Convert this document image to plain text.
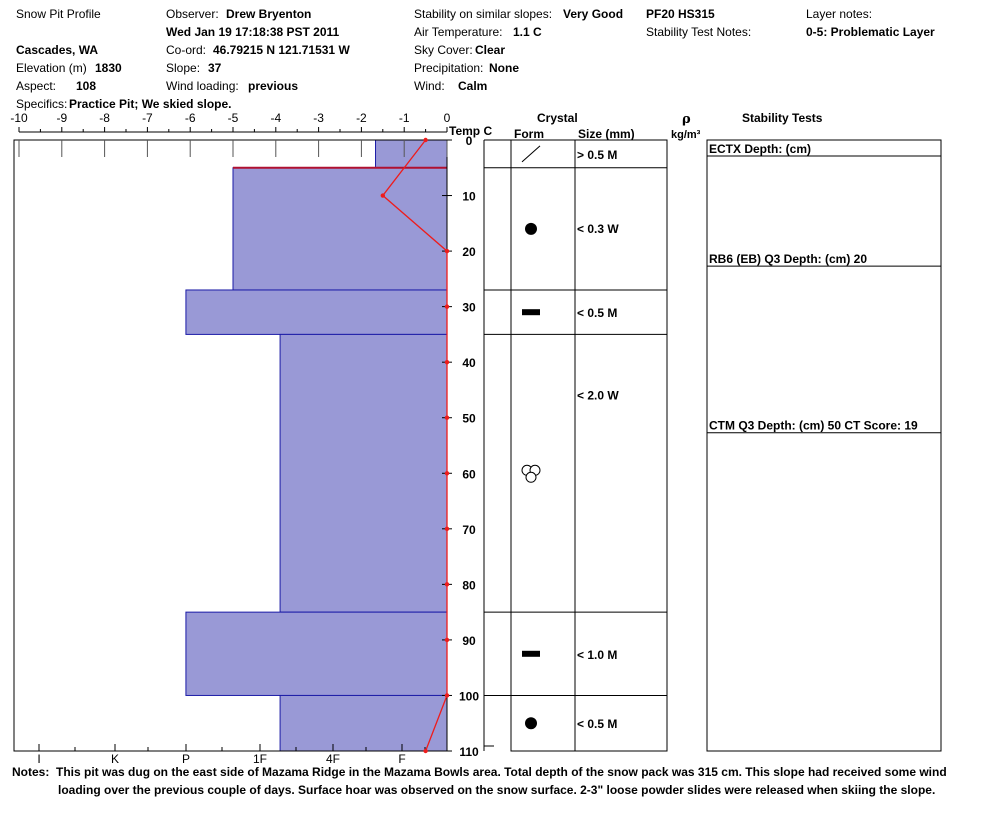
Snow Pit Profile
Cascades, WA
Elevation (m) 1830
Aspect: 108
Specifics: Practice Pit; We skied slope.
Observer: Drew Bryenton
Wed Jan 19 17:18:38 PST 2011
Co-ord: 46.79215 N 121.71531 W
Slope: 37
Wind loading: previous
Stability on similar slopes: Very Good
Air Temperature: 1.1 C
Sky Cover: Clear
Precipitation: None
Wind: Calm
PF20 HS315
Stability Test Notes:
Layer notes:
0-5: Problematic Layer
-10 -9	-8	-7	-6	-5	-4	-3	-2	-1	0
0
10
20
30
40
50
60
70
80
90
100
110
I	K	P	1F	4F	F
> 0.5 M
< 0.3 W
< 0.5 M
< 2.0 W
< 1.0 M
< 0.5 M
ECTX Depth: (cm)
RB6 (EB) Q3 Depth: (cm) 20
CTM Q3 Depth: (cm) 50 CT Score: 19
Temp C
Crystal
Form	Size (mm)
ρ
kg/m³
Stability Tests
Notes: This pit was dug on the east side of Mazama Ridge in the Mazama Bowls area. Total depth of the snow pack was 315 cm. This slope had received some wind
loading over the previous couple of days. Surface hoar was observed on the snow surface. 2-3" loose powder slides were released when skiing the slope.
